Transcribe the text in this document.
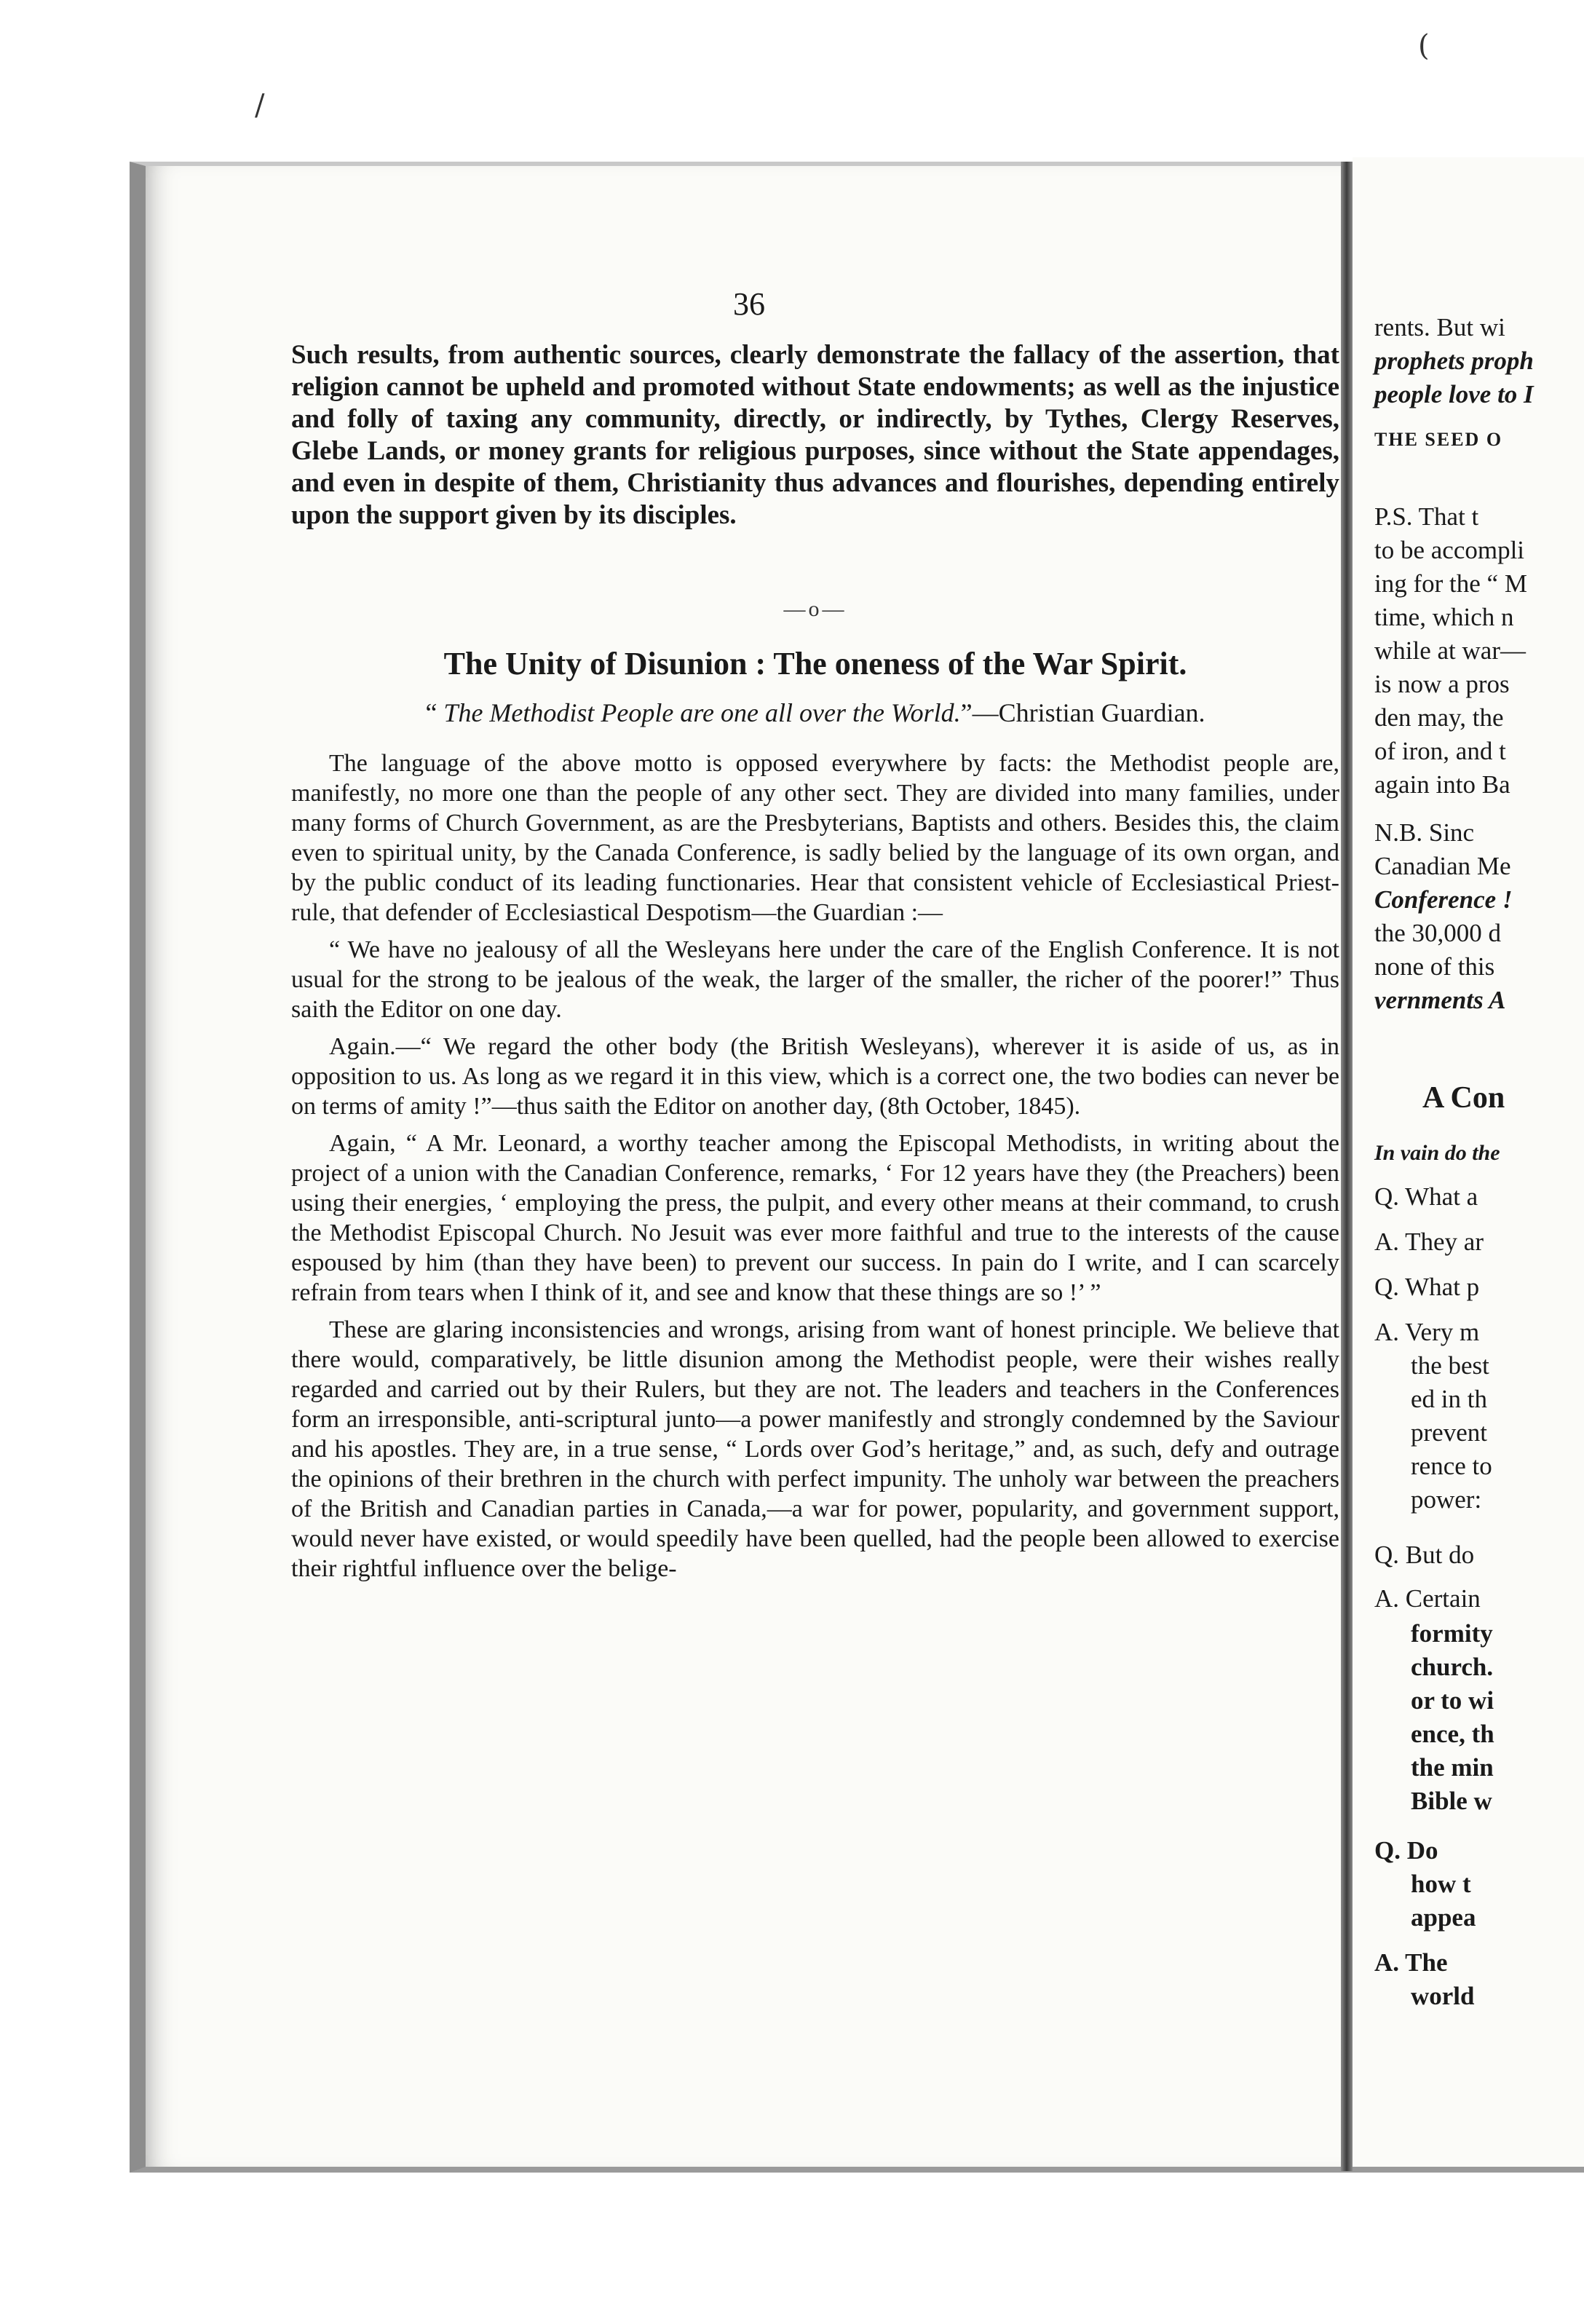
/
(
36

Such results, from authentic sources, clearly demonstrate the fallacy of the assertion, that religion cannot be upheld and promoted without State endowments; as well as the injustice and folly of taxing any community, directly, or indirectly, by Tythes, Clergy Reserves, Glebe Lands, or money grants for religious purposes, since without the State appendages, and even in despite of them, Christianity thus advances and flourishes, depending entirely upon the support given by its disciples.

—o—
The Unity of Disunion : The oneness of the War Spirit.
“ The Methodist People are one all over the World.”—Christian Guardian.

The language of the above motto is opposed everywhere by facts: the Methodist people are, manifestly, no more one than the people of any other sect. They are divided into many families, under many forms of Church Government, as are the Presbyterians, Baptists and others. Besides this, the claim even to spiritual unity, by the Canada Conference, is sadly belied by the language of its own organ, and by the public conduct of its leading functionaries. Hear that consistent vehicle of Ecclesiastical Priest-rule, that defender of Ecclesiastical Despotism—the Guardian :—

“ We have no jealousy of all the Wesleyans here under the care of the English Conference. It is not usual for the strong to be jealous of the weak, the larger of the smaller, the richer of the poorer!” Thus saith the Editor on one day.

Again.—“ We regard the other body (the British Wesleyans), wherever it is aside of us, as in opposition to us. As long as we regard it in this view, which is a correct one, the two bodies can never be on terms of amity !”—thus saith the Editor on another day, (8th October, 1845).

Again, “ A Mr. Leonard, a worthy teacher among the Episcopal Methodists, in writing about the project of a union with the Canadian Conference, remarks, ‘ For 12 years have they (the Preachers) been using their energies, ‘ employing the press, the pulpit, and every other means at their command, to crush the Methodist Episcopal Church. No Jesuit was ever more faithful and true to the interests of the cause espoused by him (than they have been) to prevent our success. In pain do I write, and I can scarcely refrain from tears when I think of it, and see and know that these things are so !’ ”

These are glaring inconsistencies and wrongs, arising from want of honest principle. We believe that there would, comparatively, be little disunion among the Methodist people, were their wishes really regarded and carried out by their Rulers, but they are not. The leaders and teachers in the Conferences form an irresponsible, anti-scriptural junto—a power manifestly and strongly condemned by the Saviour and his apostles. They are, in a true sense, “ Lords over God’s heritage,” and, as such, defy and outrage the opinions of their brethren in the church with perfect impunity. The unholy war between the preachers of the British and Canadian parties in Canada,—a war for power, popularity, and government support, would never have existed, or would speedily have been quelled, had the people been allowed to exercise their rightful influence over the belige-

rents. But wi
prophets proph
people love to I
THE SEED O
P.S. That t
to be accompli
ing for the “ M
time, which n
while at war—
is now a pros
den may, the
of iron, and t
again into Ba
N.B. Sinc
Canadian Me
Conference !
the 30,000 d
none of this
vernments A
A Con
In vain do the
Q. What a
A. They ar
Q. What p
A. Very m
the best
ed in th
prevent
rence to
power:
Q. But do
A. Certain
formity
church.
or to wi
ence, th
the min
Bible w
Q. Do
how t
appea
A. The
world
